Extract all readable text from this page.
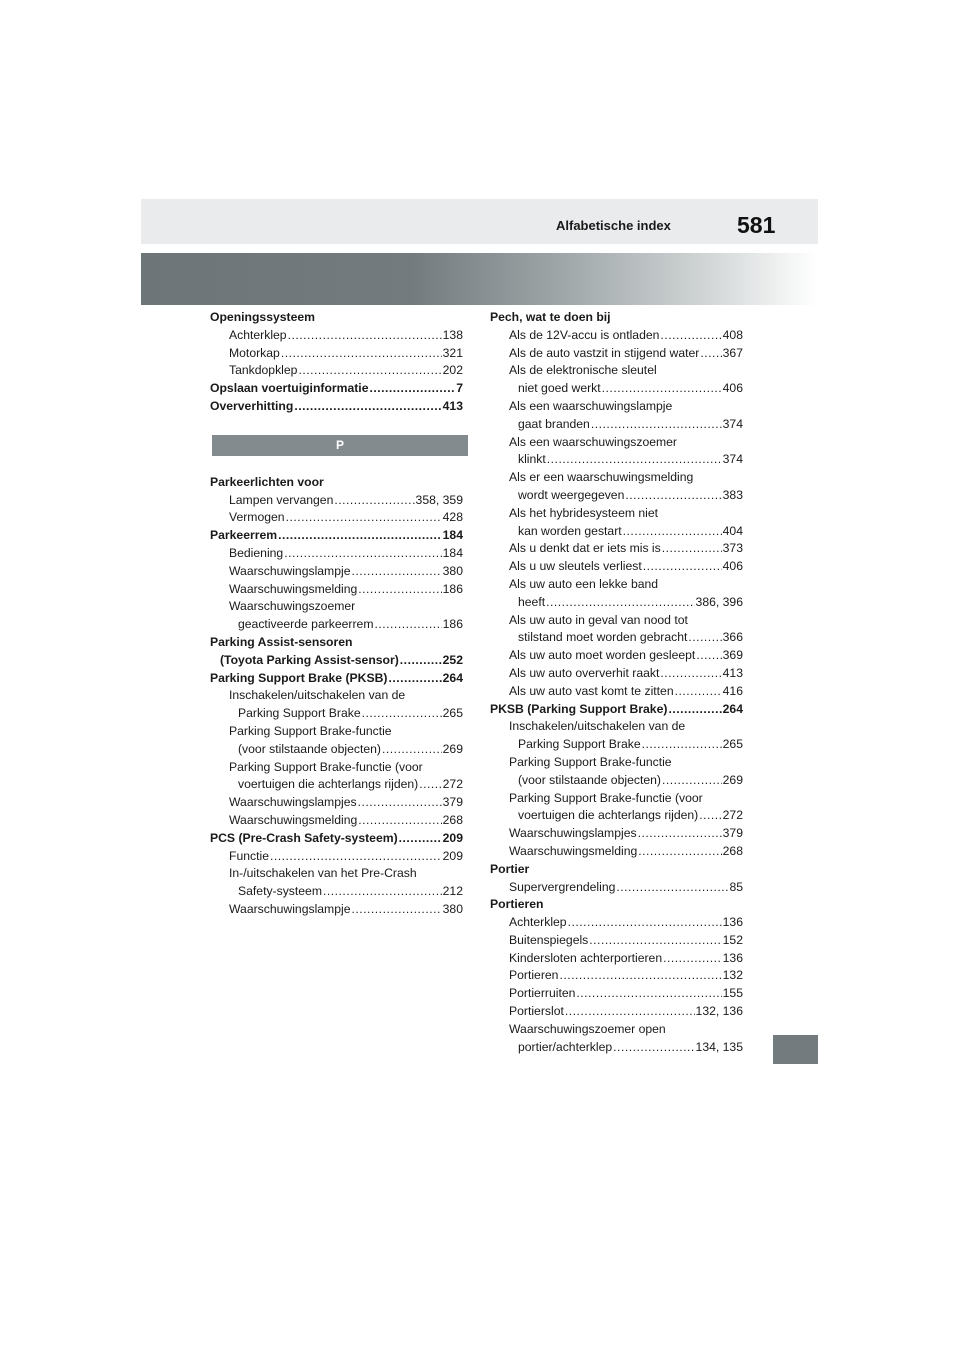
Alfabetische index	581
Openingssysteem
Achterklep .....	138
Motorkap .....	321
Tankdopklep .....	202
Opslaan voertuiginformatie .....	7
Oververhitting .....	413
P
Parkeerlichten voor
Lampen vervangen .....	358, 359
Vermogen .....	428
Parkeerrem .....	184
Bediening .....	184
Waarschuwingslampje .....	380
Waarschuwingsmelding .....	186
Waarschuwingszoemer
geactiveerde parkeerrem .....	186
Parking Assist-sensoren
(Toyota Parking Assist-sensor) .....	252
Parking Support Brake (PKSB) .....	264
Inschakelen/uitschakelen van de
Parking Support Brake .....	265
Parking Support Brake-functie
(voor stilstaande objecten) .....	269
Parking Support Brake-functie (voor
voertuigen die achterlangs rijden) ..... 272
Waarschuwingslampjes .....	379
Waarschuwingsmelding .....	268
PCS (Pre-Crash Safety-systeem) .....	209
Functie .....	209
In-/uitschakelen van het Pre-Crash
Safety-systeem .....	212
Waarschuwingslampje .....	380
Pech, wat te doen bij
Als de 12V-accu is ontladen .....	408
Als de auto vastzit in stijgend water ..... 367
Als de elektronische sleutel
niet goed werkt .....	406
Als een waarschuwingslampje
gaat branden .....	374
Als een waarschuwingszoemer
klinkt .....	374
Als er een waarschuwingsmelding
wordt weergegeven .....	383
Als het hybridesysteem niet
kan worden gestart .....	404
Als u denkt dat er iets mis is .....	373
Als u uw sleutels verliest .....	406
Als uw auto een lekke band
heeft .....	386, 396
Als uw auto in geval van nood tot
stilstand moet worden gebracht .....	366
Als uw auto moet worden gesleept ..... 369
Als uw auto oververhit raakt .....	413
Als uw auto vast komt te zitten .....	416
PKSB (Parking Support Brake) .....	264
Inschakelen/uitschakelen van de
Parking Support Brake .....	265
Parking Support Brake-functie
(voor stilstaande objecten) .....	269
Parking Support Brake-functie (voor
voertuigen die achterlangs rijden) ..... 272
Waarschuwingslampjes .....	379
Waarschuwingsmelding .....	268
Portier
Supervergrendeling .....	85
Portieren
Achterklep .....	136
Buitenspiegels .....	152
Kindersloten achterportieren .....	136
Portieren .....	132
Portierruiten .....	155
Portierslot .....	132, 136
Waarschuwingszoemer open
portier/achterklep .....	134, 135
